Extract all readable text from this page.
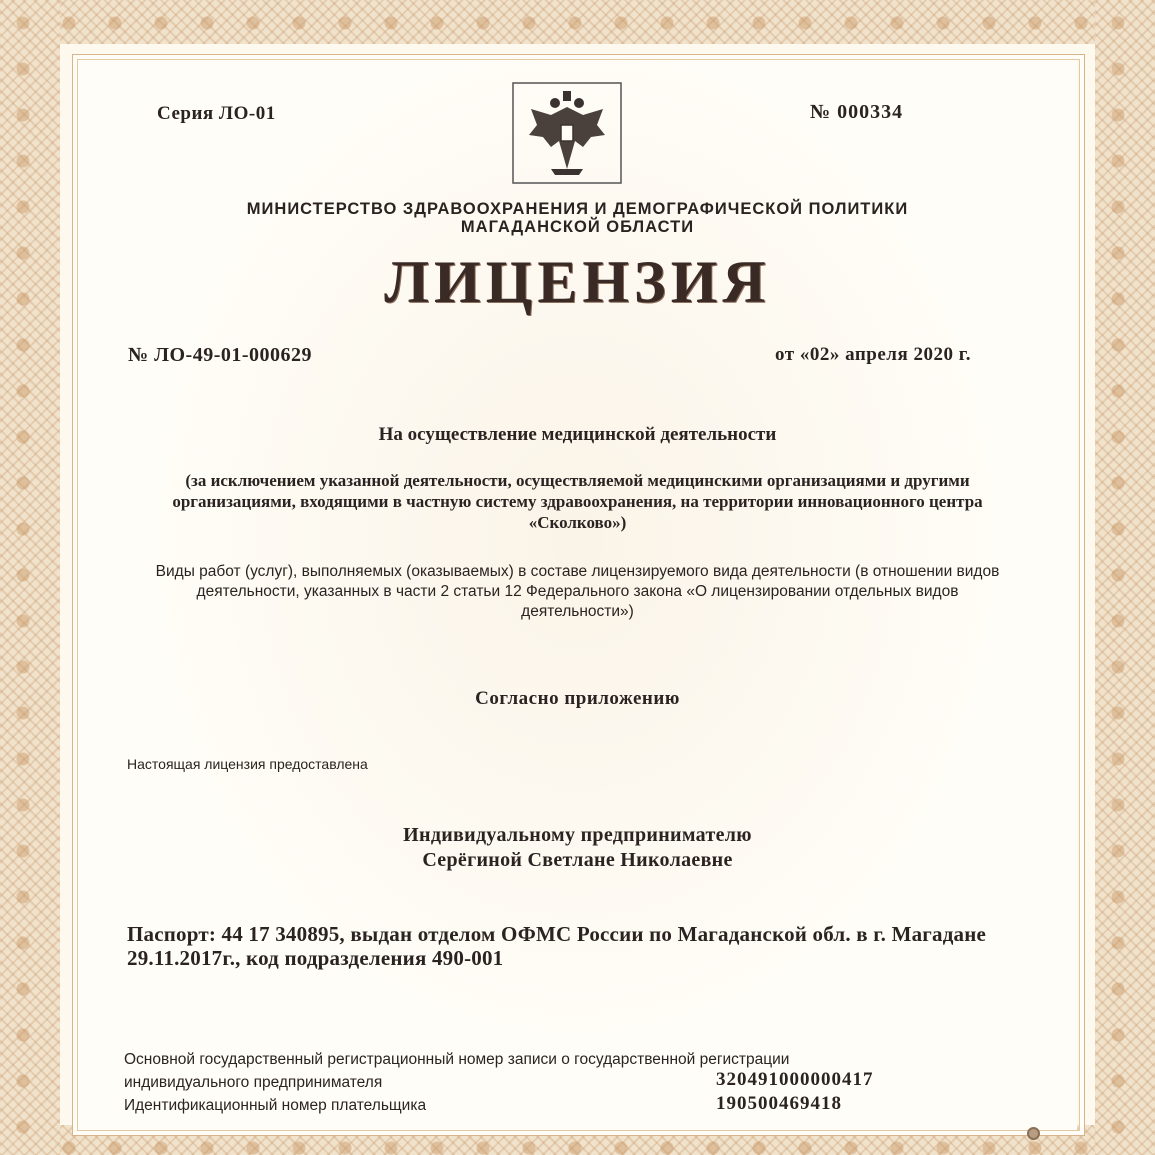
Серия ЛО-01	№ 000334
МИНИСТЕРСТВО ЗДРАВООХРАНЕНИЯ И ДЕМОГРАФИЧЕСКОЙ ПОЛИТИКИ
МАГАДАНСКОЙ ОБЛАСТИ
ЛИЦЕНЗИЯ
№ ЛО-49-01-000629	от «02» апреля 2020 г.
На осуществление медицинской деятельности
(за исключением указанной деятельности, осуществляемой медицинскими организациями и другими организациями, входящими в частную систему здравоохранения, на территории инновационного центра «Сколково»)
Виды работ (услуг), выполняемых (оказываемых) в составе лицензируемого вида деятельности (в отношении видов деятельности, указанных в части 2 статьи 12 Федерального закона «О лицензировании отдельных видов деятельности»)
Согласно приложению
Настоящая лицензия предоставлена
Индивидуальному предпринимателю
Серёгиной Светлане Николаевне
Паспорт: 44 17 340895, выдан отделом ОФМС России по Магаданской обл. в г. Магадане 29.11.2017г., код подразделения 490-001
Основной государственный регистрационный номер записи о государственной регистрации
индивидуального предпринимателя	320491000000417
Идентификационный номер плательщика	190500469418
